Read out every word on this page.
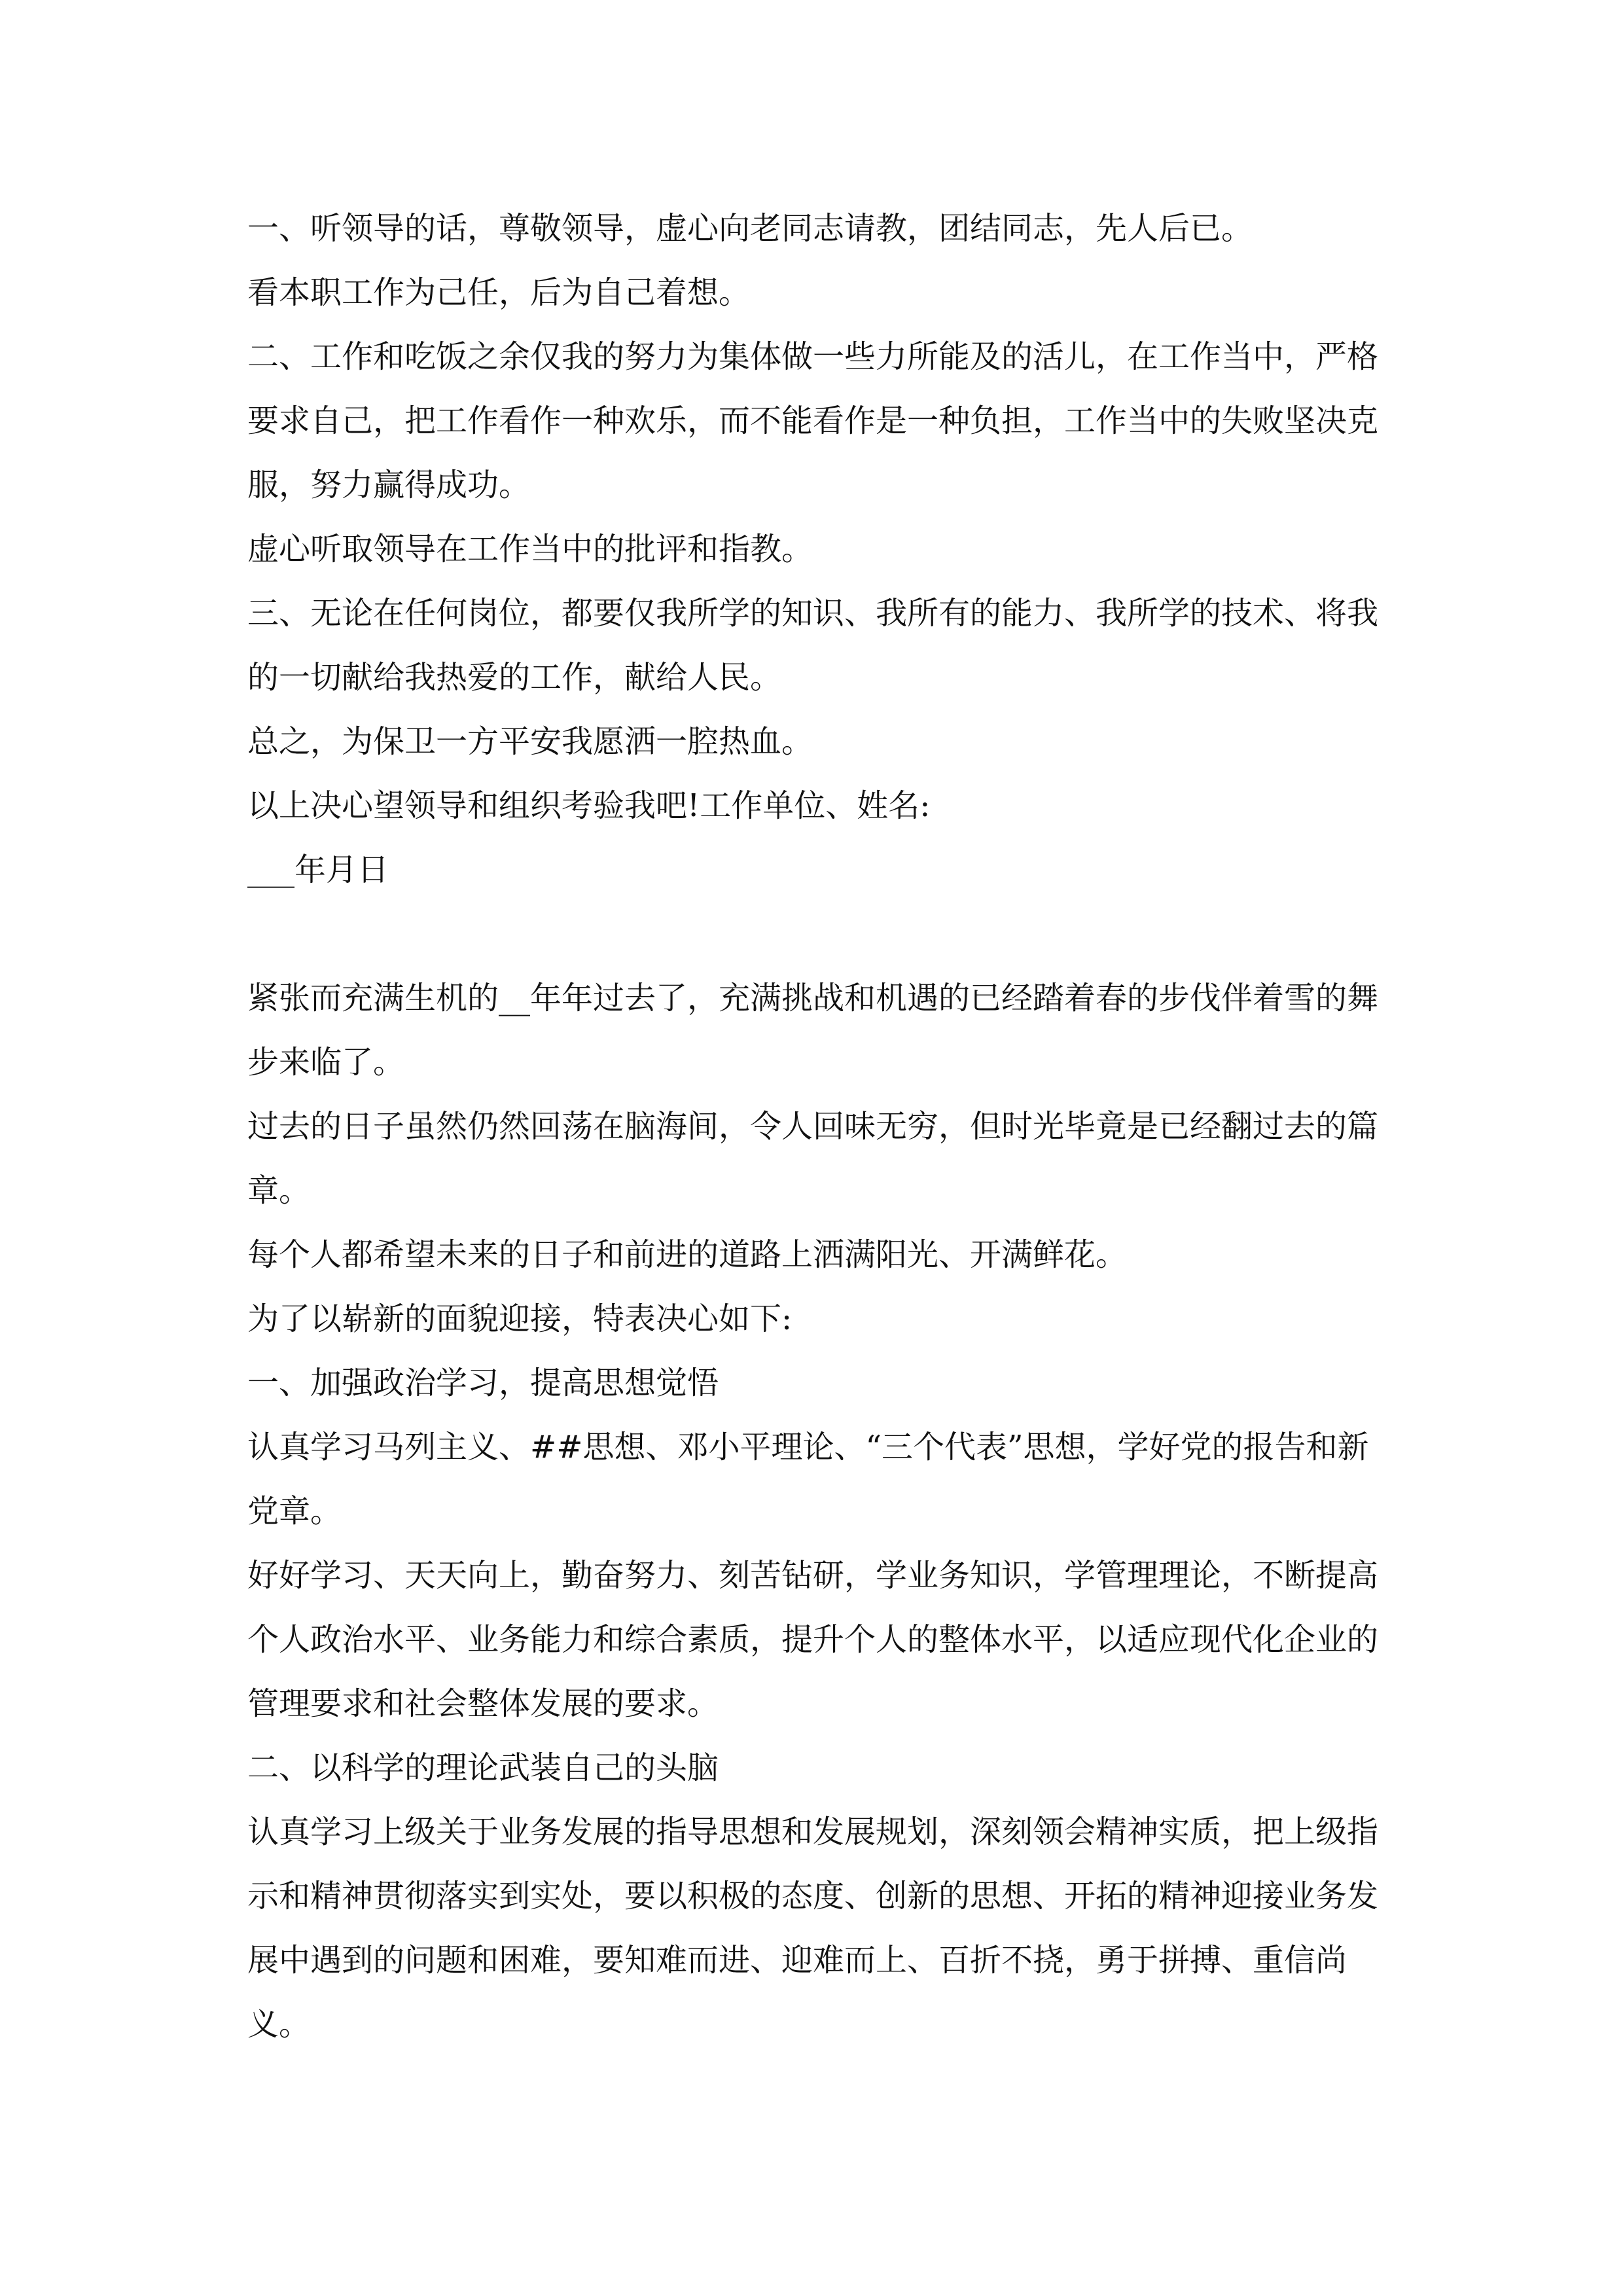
一、听领导的话，尊敬领导，虚心向老同志请教，团结同志，先人后已。

看本职工作为己任，后为自己着想。

二、工作和吃饭之余仅我的努力为集体做一些力所能及的活儿，在工作当中，严格要求自己，把工作看作一种欢乐，而不能看作是一种负担，工作当中的失败坚决克服，努力赢得成功。

虚心听取领导在工作当中的批评和指教。

三、无论在任何岗位，都要仅我所学的知识、我所有的能力、我所学的技术、将我的一切献给我热爱的工作，献给人民。

总之，为保卫一方平安我愿洒一腔热血。

以上决心望领导和组织考验我吧!工作单位、姓名:

___年月日

紧张而充满生机的__年年过去了，充满挑战和机遇的已经踏着春的步伐伴着雪的舞步来临了。

过去的日子虽然仍然回荡在脑海间，令人回味无穷，但时光毕竟是已经翻过去的篇章。

每个人都希望未来的日子和前进的道路上洒满阳光、开满鲜花。

为了以崭新的面貌迎接，特表决心如下:

一、加强政治学习，提高思想觉悟

认真学习马列主义、##思想、邓小平理论、“三个代表”思想，学好党的报告和新党章。

好好学习、天天向上，勤奋努力、刻苦钻研，学业务知识，学管理理论，不断提高个人政治水平、业务能力和综合素质，提升个人的整体水平，以适应现代化企业的管理要求和社会整体发展的要求。

二、以科学的理论武装自己的头脑

认真学习上级关于业务发展的指导思想和发展规划，深刻领会精神实质，把上级指示和精神贯彻落实到实处，要以积极的态度、创新的思想、开拓的精神迎接业务发展中遇到的问题和困难，要知难而进、迎难而上、百折不挠，勇于拼搏、重信尚义。
